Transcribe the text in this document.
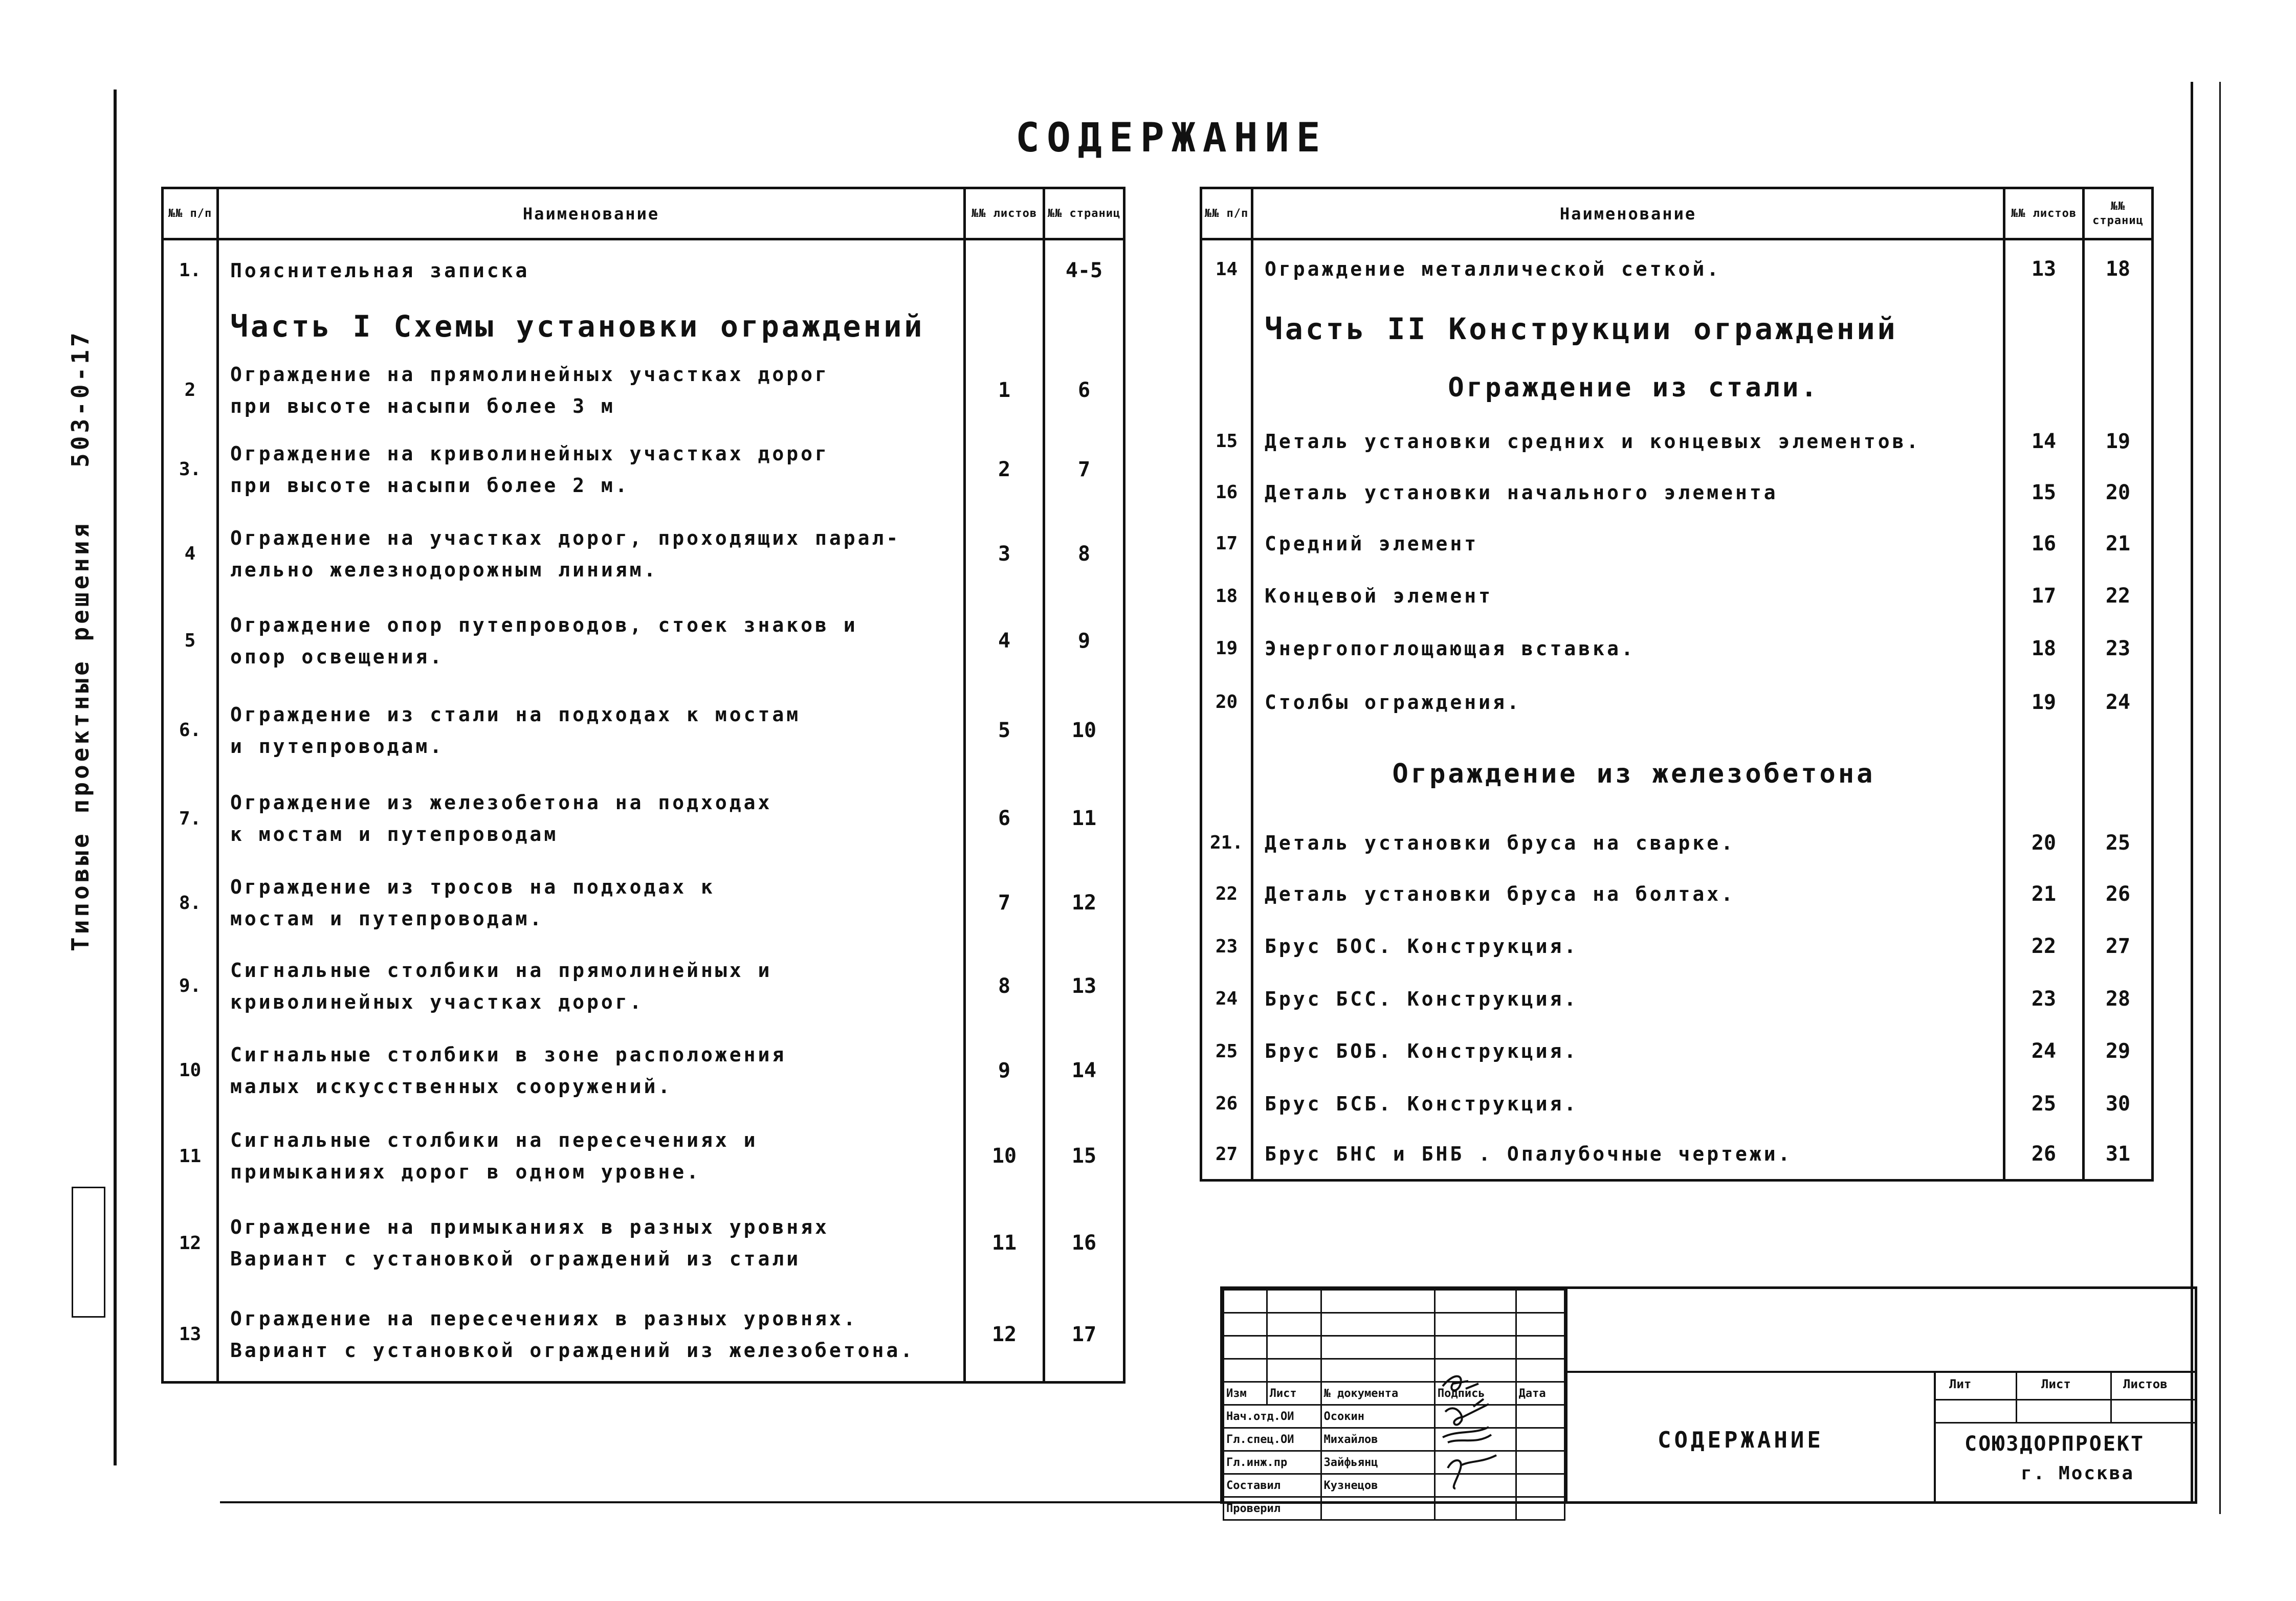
Типовые проектные решения 503-0-17
СОДЕРЖАНИЕ
№№ п/п	Наименование	№№ листов	№№ страниц
1.	Пояснительная записка		4-5

	Часть I Схемы установки ограждений		

2	Ограждение на прямолинейных участках дорог
при высоте насыпи более 3 м	1	6
3.	Ограждение на криволинейных участках дорог
при высоте насыпи более 2 м.	2	7
4	Ограждение на участках дорог, проходящих парал-
лельно железнодорожным линиям.	3	8
5	Ограждение опор путепроводов, стоек знаков и
опор освещения.	4	9
6.	Ограждение из стали на подходах к мостам
и путепроводам.	5	10
7.	Ограждение из железобетона на подходах
к мостам и путепроводам	6	11
8.	Ограждение из тросов на подходах к
мостам и путепроводам.	7	12
9.	Сигнальные столбики на прямолинейных и
криволинейных участках дорог.	8	13
10	Сигнальные столбики в зоне расположения
малых искусственных сооружений.	9	14
11	Сигнальные столбики на пересечениях и
примыканиях дорог в одном уровне.	10	15
12	Ограждение на примыканиях в разных уровнях
Вариант с установкой ограждений из стали	11	16
13	Ограждение на пересечениях в разных уровнях.
Вариант с установкой ограждений из железобетона.	12	17
№№ п/п	Наименование	№№ листов	№№ страниц
14	Ограждение металлической сеткой.	13	18

	Часть II Конструкции ограждений		

	Ограждение из стали.		

15	Деталь установки средних и концевых элементов.	14	19
16	Деталь установки начального элемента	15	20
17	Средний элемент	16	21
18	Концевой элемент	17	22
19	Энергопоглощающая вставка.	18	23
20	Столбы ограждения.	19	24

	Ограждение из железобетона		

21.	Деталь установки бруса на сварке.	20	25
22	Деталь установки бруса на болтах.	21	26
23	Брус БОС. Конструкция.	22	27
24	Брус БСС. Конструкция.	23	28
25	Брус БОБ. Конструкция.	24	29
26	Брус БСБ. Конструкция.	25	30
27	Брус БНС и БНБ . Опалубочные чертежи.	26	31

Изм	Лист	№ документа	Подпись	Дата
Нач.отд.ОИ		Осокин		
Гл.спец.ОИ		Михайлов		
Гл.инж.пр		Зайфьянц		
Составил		Кузнецов		
Проверил				
СОДЕРЖАНИЕ
Лит	Лист	Листов
СОЮЗДОРПРОЕКТ
г. Москва
